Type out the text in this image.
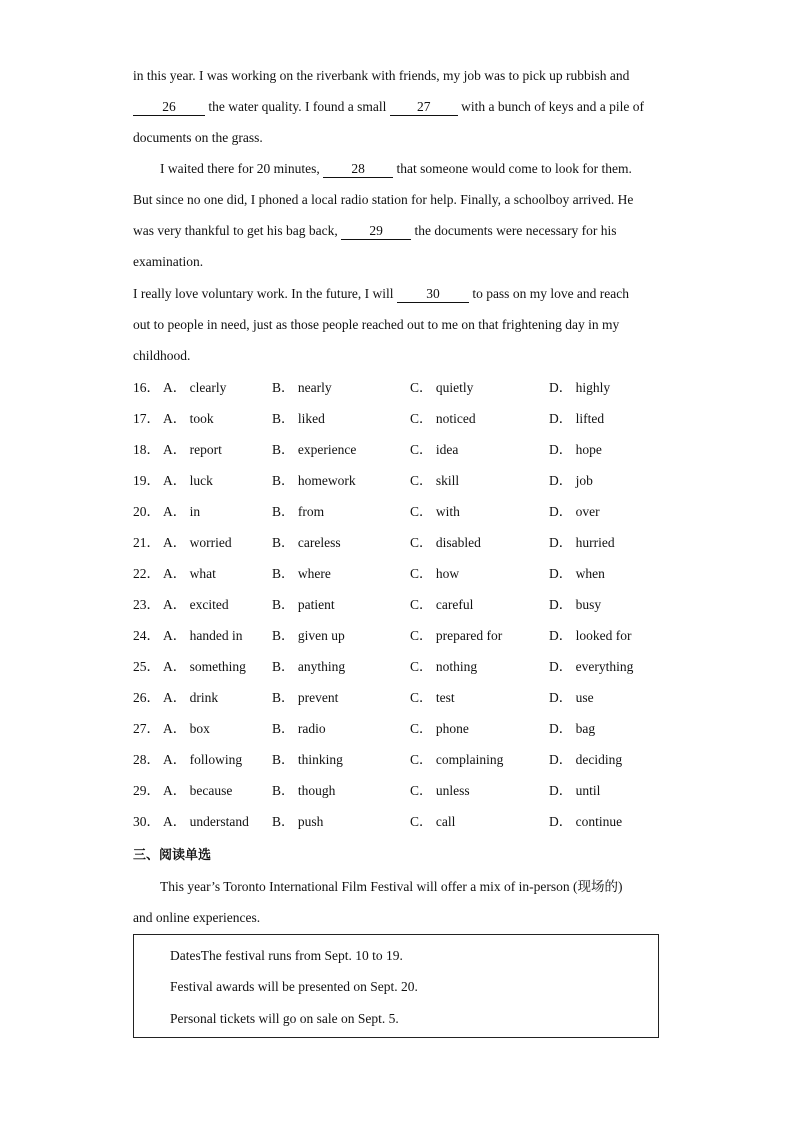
in this year. I was working on the riverbank with friends, my job was to pick up rubbish and
26 the water quality. I found a small 27 with a bunch of keys and a pile of
documents on the grass.
I waited there for 20 minutes, 28 that someone would come to look for them.
But since no one did, I phoned a local radio station for help. Finally, a schoolboy arrived. He
was very thankful to get his bag back, 29 the documents were necessary for his
examination.
I really love voluntary work. In the future, I will 30 to pass on my love and reach
out to people in need, just as those people reached out to me on that frightening day in my
childhood.
16． A． clearly	B． nearly	C． quietly	D． highly
17． A． took	B． liked	C． noticed	D． lifted
18． A． report	B． experience	C． idea	D． hope
19． A． luck	B． homework	C． skill	D． job
20． A． in	B． from	C． with	D． over
21． A． worried	B． careless	C． disabled	D． hurried
22． A． what	B． where	C． how	D． when
23． A． excited	B． patient	C． careful	D． busy
24． A． handed in B． given up	C． prepared for	D． looked for
25． A． something B． anything	C． nothing	D． everything
26． A． drink	B． prevent	C． test	D． use
27． A． box	B． radio	C． phone	D． bag
28． A． following B． thinking	C． complaining	D． deciding
29． A． because	B． though	C． unless	D． until
30． A． understand B． push	C． call	D． continue
三、阅读单选
This year’s Toronto International Film Festival will offer a mix of in-person (现场的)
and online experiences.
DatesThe festival runs from Sept. 10 to 19.
Festival awards will be presented on Sept. 20.
Personal tickets will go on sale on Sept. 5.
